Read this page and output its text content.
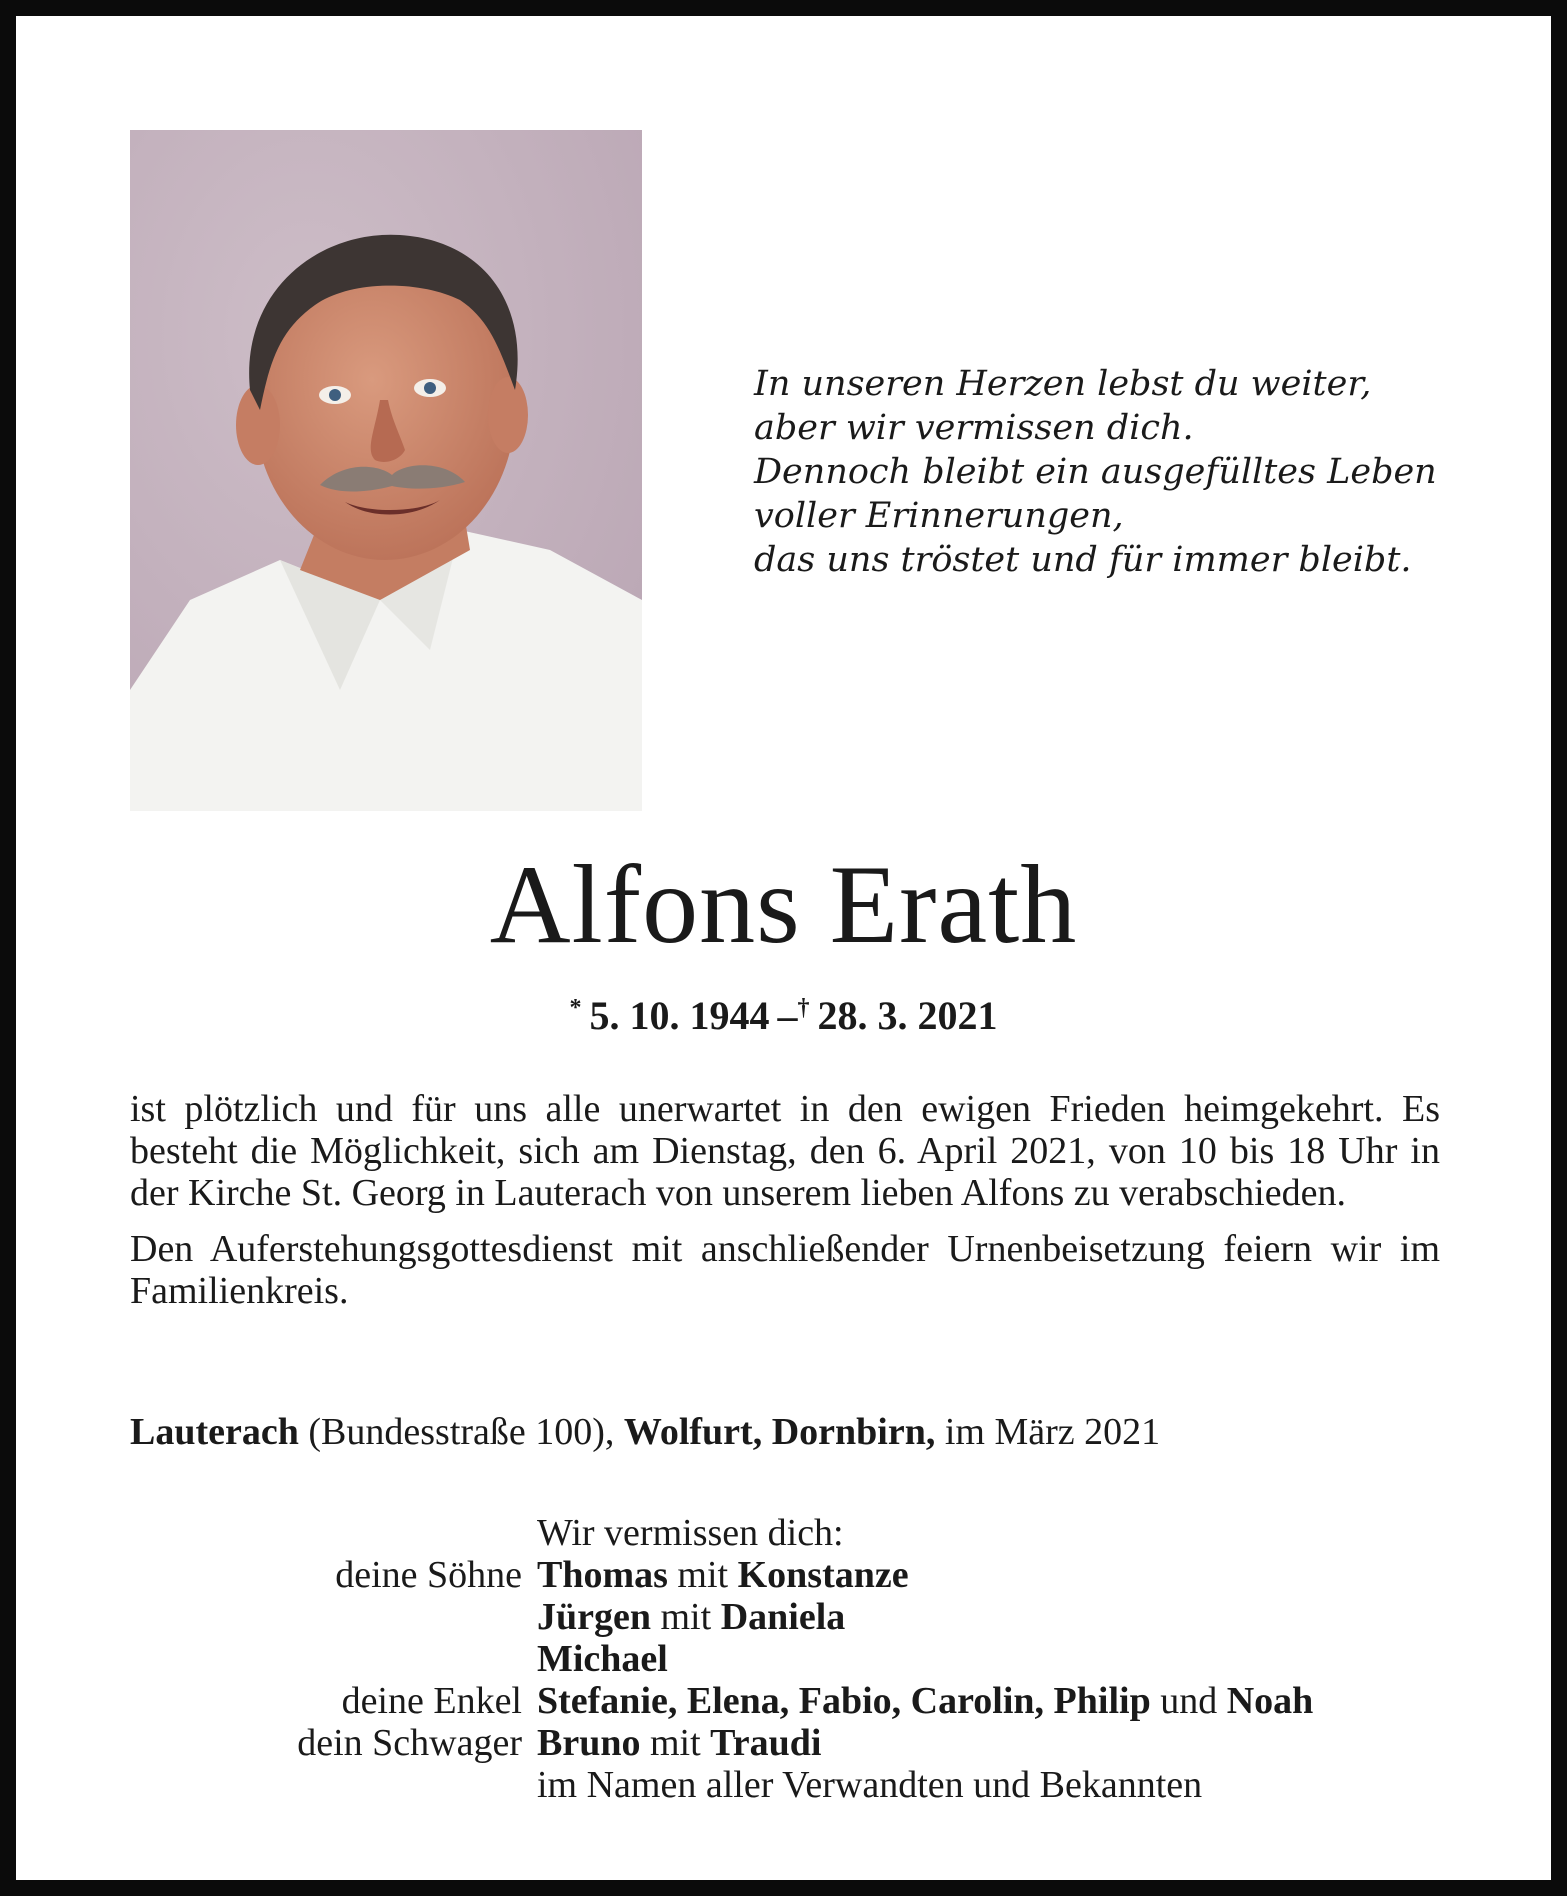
In unseren Herzen lebst du weiter,
aber wir vermissen dich.
Dennoch bleibt ein ausgefülltes Leben
voller Erinnerungen,
das uns tröstet und für immer bleibt.
Alfons Erath
*  5. 10. 1944  –†  28. 3. 2021

ist plötzlich und für uns alle unerwartet in den ewigen Frieden heimgekehrt. Es besteht die Möglichkeit, sich am Dienstag, den 6. April 2021, von 10 bis 18 Uhr in der Kirche St. Georg in Lauterach von unserem lieben Alfons zu verabschieden.

Den Auferstehungsgottesdienst mit anschließender Urnenbeisetzung feiern wir im Familienkreis.

Lauterach (Bundesstraße 100), Wolfurt, Dornbirn, im März 2021
Wir vermissen dich:
deine Söhne Thomas mit Konstanze
Jürgen mit Daniela
Michael
deine Enkel Stefanie, Elena, Fabio, Carolin, Philip und Noah
dein Schwager Bruno mit Traudi
im Namen aller Verwandten und Bekannten
